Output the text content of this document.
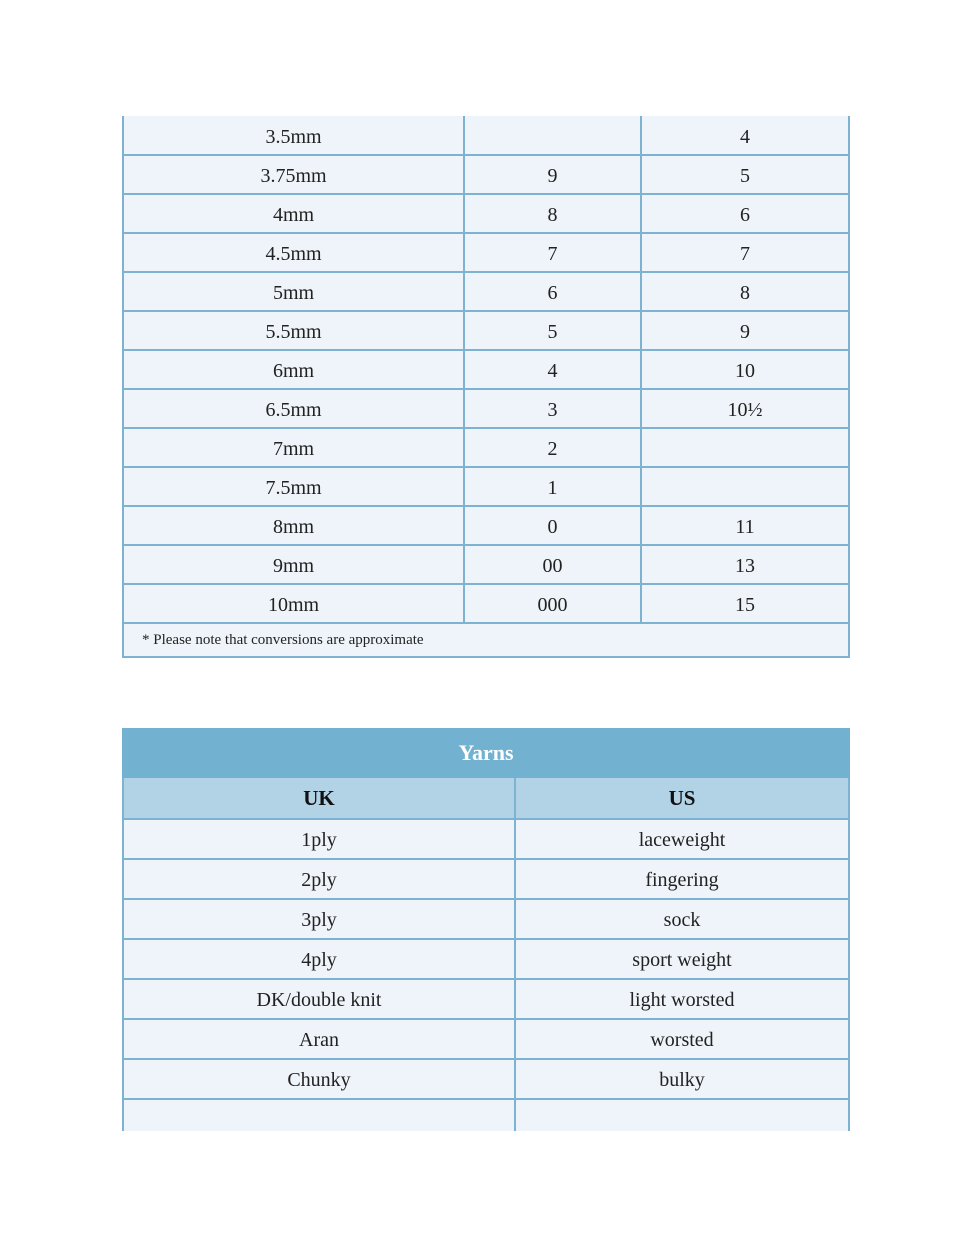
3.5mm		4
3.75mm	9	5
4mm	8	6
4.5mm	7	7
5mm	6	8
5.5mm	5	9
6mm	4	10
6.5mm	3	10½
7mm	2	
7.5mm	1	
8mm	0	11
9mm	00	13
10mm	000	15
* Please note that conversions are approximate		
Yarns	
UK	US
1ply	laceweight
2ply	fingering
3ply	sock
4ply	sport weight
DK/double knit	light worsted
Aran	worsted
Chunky	bulky
